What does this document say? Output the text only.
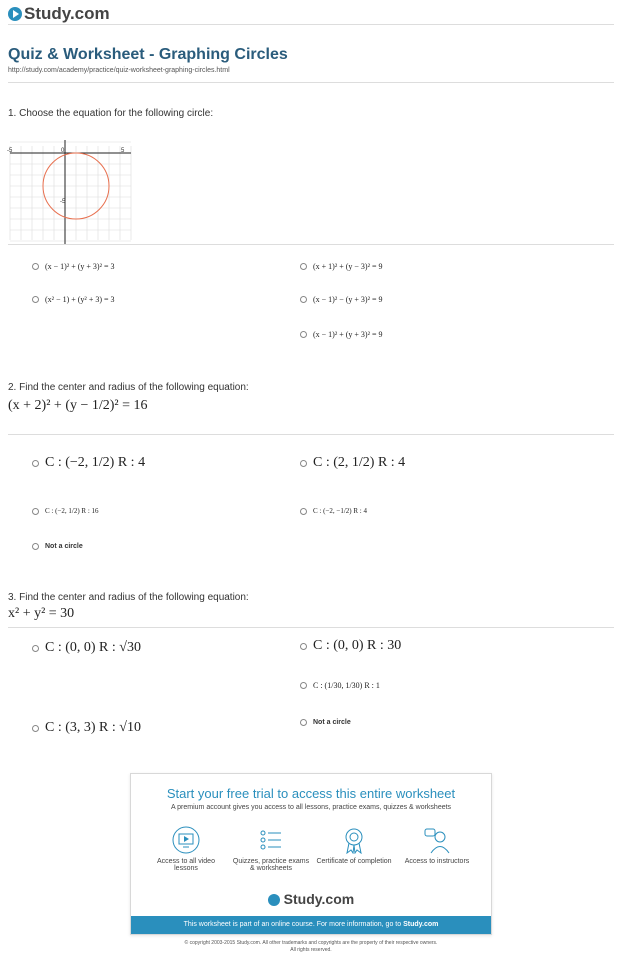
Study.com
Quiz & Worksheet - Graphing Circles
http://study.com/academy/practice/quiz-worksheet-graphing-circles.html
1. Choose the equation for the following circle:
-5	0	5
-5
(x − 1)² + (y + 3)² = 3	(x + 1)² + (y − 3)² = 9
(x² − 1) + (y² + 3) = 3	(x − 1)² − (y + 3)² = 9
(x − 1)² + (y + 3)² = 9
2. Find the center and radius of the following equation:
(x + 2)² + (y − 1/2)² = 16
C : (−2, 1/2) R : 4	C : (2, 1/2) R : 4
C : (−2, 1/2) R : 16	C : (−2, −1/2) R : 4
Not a circle
3. Find the center and radius of the following equation:
x² + y² = 30
C : (0, 0) R : √30	C : (0, 0) R : 30
C : (1/30, 1/30) R : 1
C : (3, 3) R : √10	Not a circle
Start your free trial to access this entire worksheet
A premium account gives you access to all lessons, practice exams, quizzes & worksheets
Access to all video lessons
Quizzes, practice exams & worksheets
Certificate of completion	Access to instructors
Study.com
This worksheet is part of an online course. For more information, go to Study.com
© copyright 2003-2015 Study.com. All other trademarks and copyrights are the property of their respective owners.
All rights reserved.
